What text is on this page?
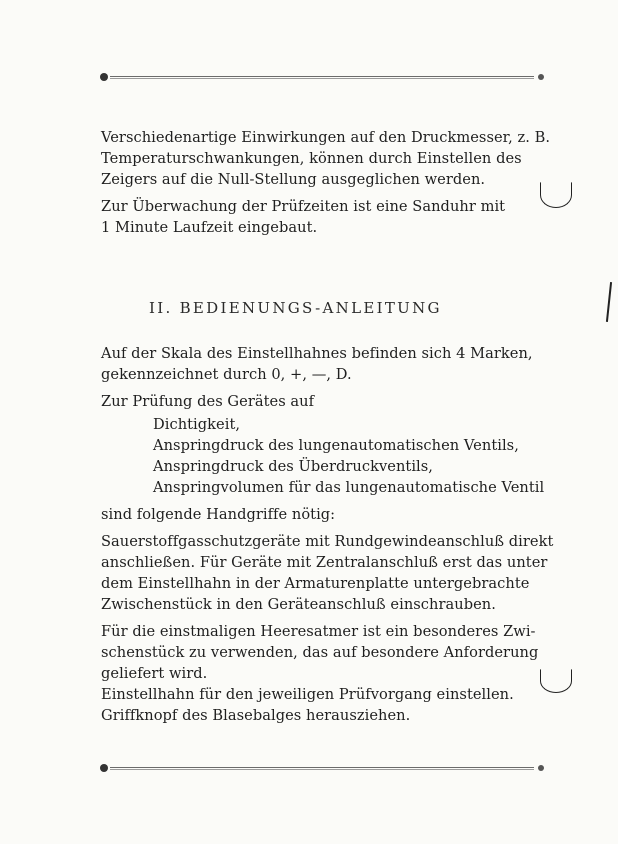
Verschiedenartige Einwirkungen auf den Druckmesser, z. B.

Temperaturschwankungen, können durch Einstellen des

Zeigers auf die Null-Stellung ausgeglichen werden.

Zur Überwachung der Prüfzeiten ist eine Sanduhr mit

1 Minute Laufzeit eingebaut.

II. BEDIENUNGS-ANLEITUNG

Auf der Skala des Einstellhahnes befinden sich 4 Marken,

gekennzeichnet durch 0, +, —, D.

Zur Prüfung des Gerätes auf

Dichtigkeit,

Anspringdruck des lungenautomatischen Ventils,

Anspringdruck des Überdruckventils,

Anspringvolumen für das lungenautomatische Ventil

sind folgende Handgriffe nötig:

Sauerstoffgasschutzgeräte mit Rundgewindeanschluß direkt

anschließen. Für Geräte mit Zentralanschluß erst das unter

dem Einstellhahn in der Armaturenplatte untergebrachte

Zwischenstück in den Geräteanschluß einschrauben.

Für die einstmaligen Heeresatmer ist ein besonderes Zwi-

schenstück zu verwenden, das auf besondere Anforderung

geliefert wird.

Einstellhahn für den jeweiligen Prüfvorgang einstellen.

Griffknopf des Blasebalges herausziehen.
